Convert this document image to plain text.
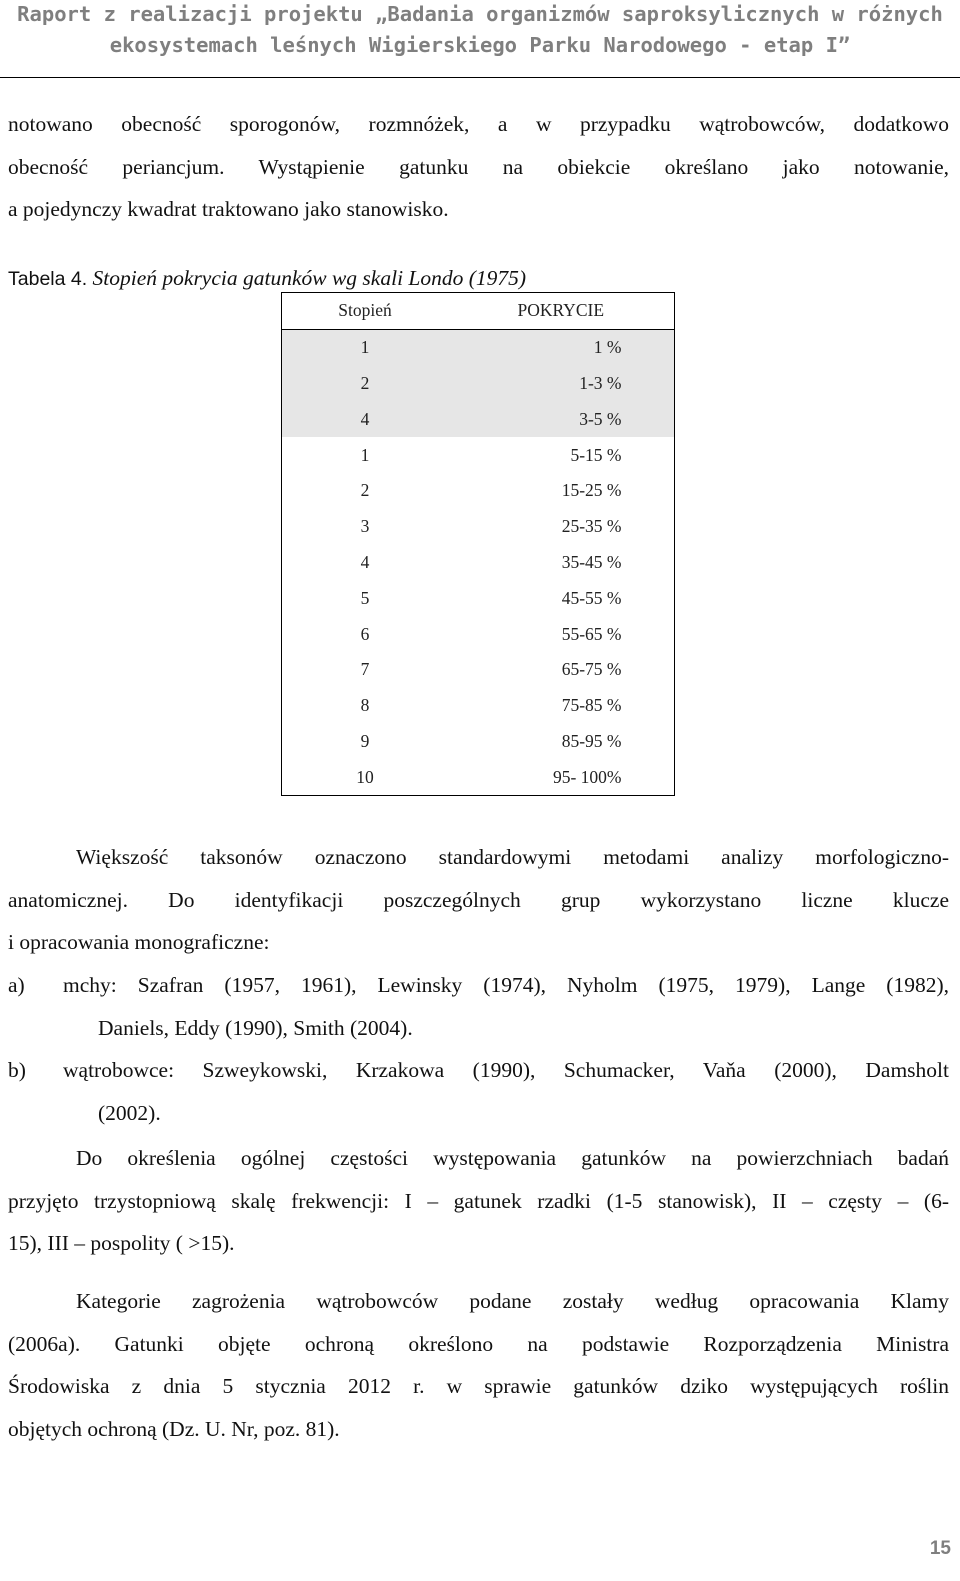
Raport z realizacji projektu „Badania organizmów saproksylicznych w różnych
ekosystemach leśnych Wigierskiego Parku Narodowego - etap I”
notowano obecność sporogonów, rozmnóżek, a w przypadku wątrobowców, dodatkowo
obecność periancjum. Wystąpienie gatunku na obiekcie określano jako notowanie,
a pojedynczy kwadrat traktowano jako stanowisko.
Tabela 4. Stopień pokrycia gatunków wg skali Londo (1975)
Stopień	POKRYCIE
1	1 %
2	1-3 %
4	3-5 %
1	5-15 %
2	15-25 %
3	25-35 %
4	35-45 %
5	45-55 %
6	55-65 %
7	65-75 %
8	75-85 %
9	85-95 %
10	95- 100%
Większość taksonów oznaczono standardowymi metodami analizy morfologiczno-
anatomicznej. Do identyfikacji poszczególnych grup wykorzystano liczne klucze
i opracowania monograficzne:
a) mchy: Szafran (1957, 1961), Lewinsky (1974), Nyholm (1975, 1979), Lange (1982),
Daniels, Eddy (1990), Smith (2004).
b) wątrobowce: Szweykowski, Krzakowa (1990), Schumacker, Vaňa (2000), Damsholt
(2002).
Do określenia ogólnej częstości występowania gatunków na powierzchniach badań
przyjęto trzystopniową skalę frekwencji: I – gatunek rzadki (1-5 stanowisk), II – częsty – (6-
15), III – pospolity ( >15).
Kategorie zagrożenia wątrobowców podane zostały według opracowania Klamy
(2006a). Gatunki objęte ochroną określono na podstawie Rozporządzenia Ministra
Środowiska z dnia 5 stycznia 2012 r. w sprawie gatunków dziko występujących roślin
objętych ochroną (Dz. U. Nr, poz. 81).
15
